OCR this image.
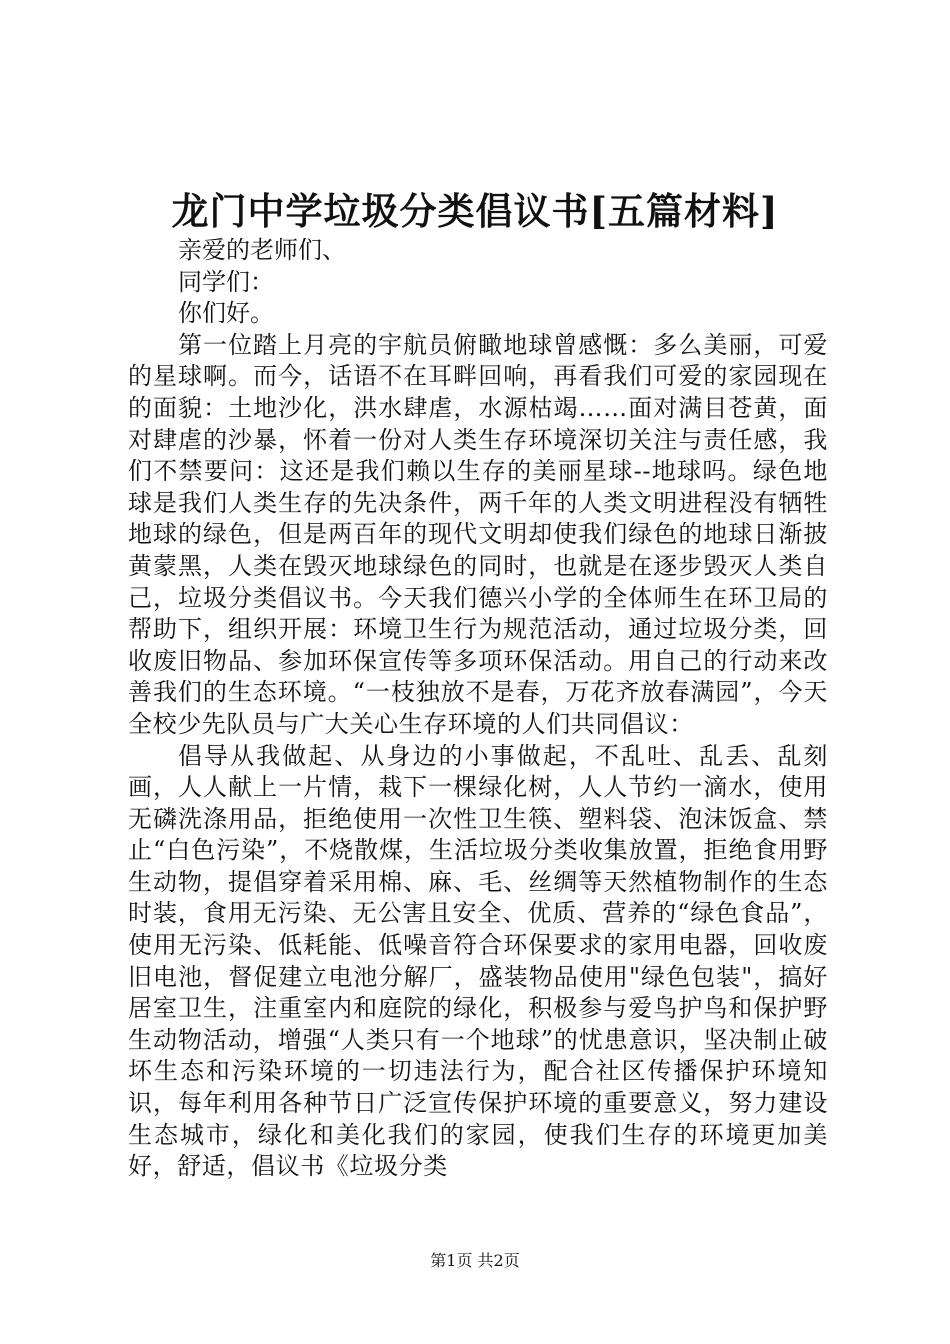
龙门中学垃圾分类倡议书[五篇材料]

亲爱的老师们、

同学们：

你们好。

第一位踏上月亮的宇航员俯瞰地球曾感慨：多么美丽，可爱的星球啊。而今，话语不在耳畔回响，再看我们可爱的家园现在的面貌：土地沙化，洪水肆虐，水源枯竭……面对满目苍黄，面对肆虐的沙暴，怀着一份对人类生存环境深切关注与责任感，我们不禁要问：这还是我们赖以生存的美丽星球--地球吗。绿色地球是我们人类生存的先决条件，两千年的人类文明进程没有牺牲地球的绿色，但是两百年的现代文明却使我们绿色的地球日渐披黄蒙黑，人类在毁灭地球绿色的同时，也就是在逐步毁灭人类自己，垃圾分类倡议书。今天我们德兴小学的全体师生在环卫局的帮助下，组织开展：环境卫生行为规范活动，通过垃圾分类，回收废旧物品、参加环保宣传等多项环保活动。用自己的行动来改善我们的生态环境。“一枝独放不是春，万花齐放春满园”，今天全校少先队员与广大关心生存环境的人们共同倡议：

倡导从我做起、从身边的小事做起，不乱吐、乱丢、乱刻画，人人献上一片情，栽下一棵绿化树，人人节约一滴水，使用无磷洗涤用品，拒绝使用一次性卫生筷、塑料袋、泡沫饭盒、禁止“白色污染”，不烧散煤，生活垃圾分类收集放置，拒绝食用野生动物，提倡穿着采用棉、麻、毛、丝绸等天然植物制作的生态时装，食用无污染、无公害且安全、优质、营养的“绿色食品”，使用无污染、低耗能、低噪音符合环保要求的家用电器，回收废旧电池，督促建立电池分解厂，盛装物品使用"绿色包装"，搞好居室卫生，注重室内和庭院的绿化，积极参与爱鸟护鸟和保护野生动物活动，增强“人类只有一个地球”的忧患意识，坚决制止破坏生态和污染环境的一切违法行为，配合社区传播保护环境知识，每年利用各种节日广泛宣传保护环境的重要意义，努力建设生态城市，绿化和美化我们的家园，使我们生存的环境更加美好，舒适，倡议书《垃圾分类

第1页 共2页
